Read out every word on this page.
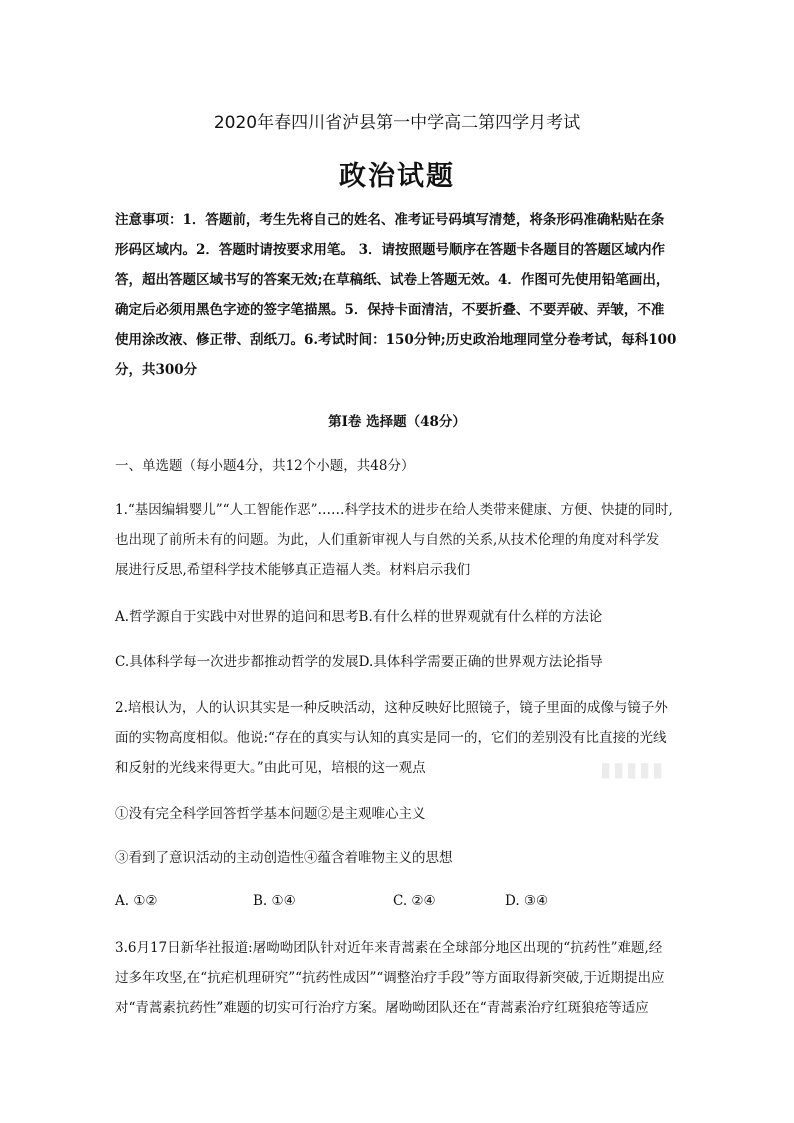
2020年春四川省泸县第一中学高二第四学月考试
政治试题
注意事项：1．答题前，考生先将自己的姓名、准考证号码填写清楚，将条形码准确粘贴在条
形码区域内。2．答题时请按要求用笔。 3．请按照题号顺序在答题卡各题目的答题区域内作
答，超出答题区域书写的答案无效;在草稿纸、试卷上答题无效。4．作图可先使用铅笔画出，
确定后必须用黑色字迹的签字笔描黑。5．保持卡面清洁，不要折叠、不要弄破、弄皱，不准
使用涂改液、修正带、刮纸刀。6.考试时间：150分钟;历史政治地理同堂分卷考试，每科100
分，共300分
第I卷 选择题（48分）
一、单选题（每小题4分，共12个小题，共48分）
1.“基因编辑婴儿”“人工智能作恶”……科学技术的进步在给人类带来健康、方便、快捷的同时,
也出现了前所未有的问题。为此，人们重新审视人与自然的关系,从技术伦理的角度对科学发
展进行反思,希望科学技术能够真正造福人类。材料启示我们
A.哲学源自于实践中对世界的追问和思考B.有什么样的世界观就有什么样的方法论
C.具体科学每一次进步都推动哲学的发展D.具体科学需要正确的世界观方法论指导
2.培根认为，人的认识其实是一种反映活动，这种反映好比照镜子，镜子里面的成像与镜子外
面的实物高度相似。他说:“存在的真实与认知的真实是同一的，它们的差别没有比直接的光线
和反射的光线来得更大。”由此可见，培根的这一观点
①没有完全科学回答哲学基本问题②是主观唯心主义
③看到了意识活动的主动创造性④蕴含着唯物主义的思想
A. ①②	B. ①④	C. ②④	D. ③④
3.6月17日新华社报道:屠呦呦团队针对近年来青蒿素在全球部分地区出现的“抗药性”难题,经
过多年攻坚,在“抗疟机理研究”“抗药性成因”“调整治疗手段”等方面取得新突破,于近期提出应
对“青蒿素抗药性”难题的切实可行治疗方案。屠呦呦团队还在“青蒿素治疗红斑狼疮等适应
▮▮▮▮▮
